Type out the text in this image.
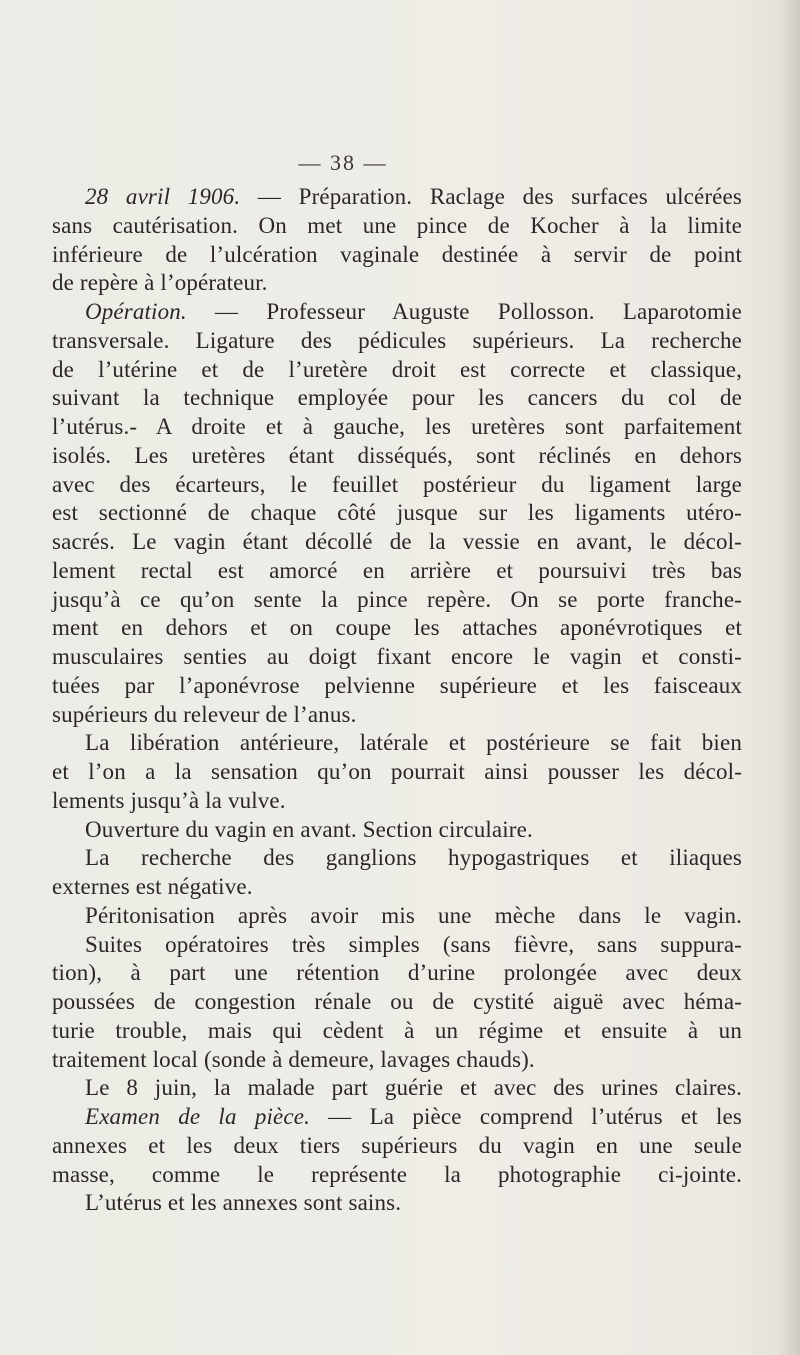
— 38 —
28 avril 1906. — Préparation. Raclage des surfaces ulcérées
sans cautérisation. On met une pince de Kocher à la limite
inférieure de l’ulcération vaginale destinée à servir de point
de repère à l’opérateur.
Opération. — Professeur Auguste Pollosson. Laparotomie
transversale. Ligature des pédicules supérieurs. La recherche
de l’utérine et de l’uretère droit est correcte et classique,
suivant la technique employée pour les cancers du col de
l’utérus.- A droite et à gauche, les uretères sont parfaitement
isolés. Les uretères étant disséqués, sont réclinés en dehors
avec des écarteurs, le feuillet postérieur du ligament large
est sectionné de chaque côté jusque sur les ligaments utéro-
sacrés. Le vagin étant décollé de la vessie en avant, le décol-
lement rectal est amorcé en arrière et poursuivi très bas
jusqu’à ce qu’on sente la pince repère. On se porte franche-
ment en dehors et on coupe les attaches aponévrotiques et
musculaires senties au doigt fixant encore le vagin et consti-
tuées par l’aponévrose pelvienne supérieure et les faisceaux
supérieurs du releveur de l’anus.
La libération antérieure, latérale et postérieure se fait bien
et l’on a la sensation qu’on pourrait ainsi pousser les décol-
lements jusqu’à la vulve.
Ouverture du vagin en avant. Section circulaire.
La recherche des ganglions hypogastriques et iliaques
externes est négative.
Péritonisation après avoir mis une mèche dans le vagin.
Suites opératoires très simples (sans fièvre, sans suppura-
tion), à part une rétention d’urine prolongée avec deux
poussées de congestion rénale ou de cystité aiguë avec héma-
turie trouble, mais qui cèdent à un régime et ensuite à un
traitement local (sonde à demeure, lavages chauds).
Le 8 juin, la malade part guérie et avec des urines claires.
Examen de la pièce. — La pièce comprend l’utérus et les
annexes et les deux tiers supérieurs du vagin en une seule
masse, comme le représente la photographie ci-jointe.
L’utérus et les annexes sont sains.
